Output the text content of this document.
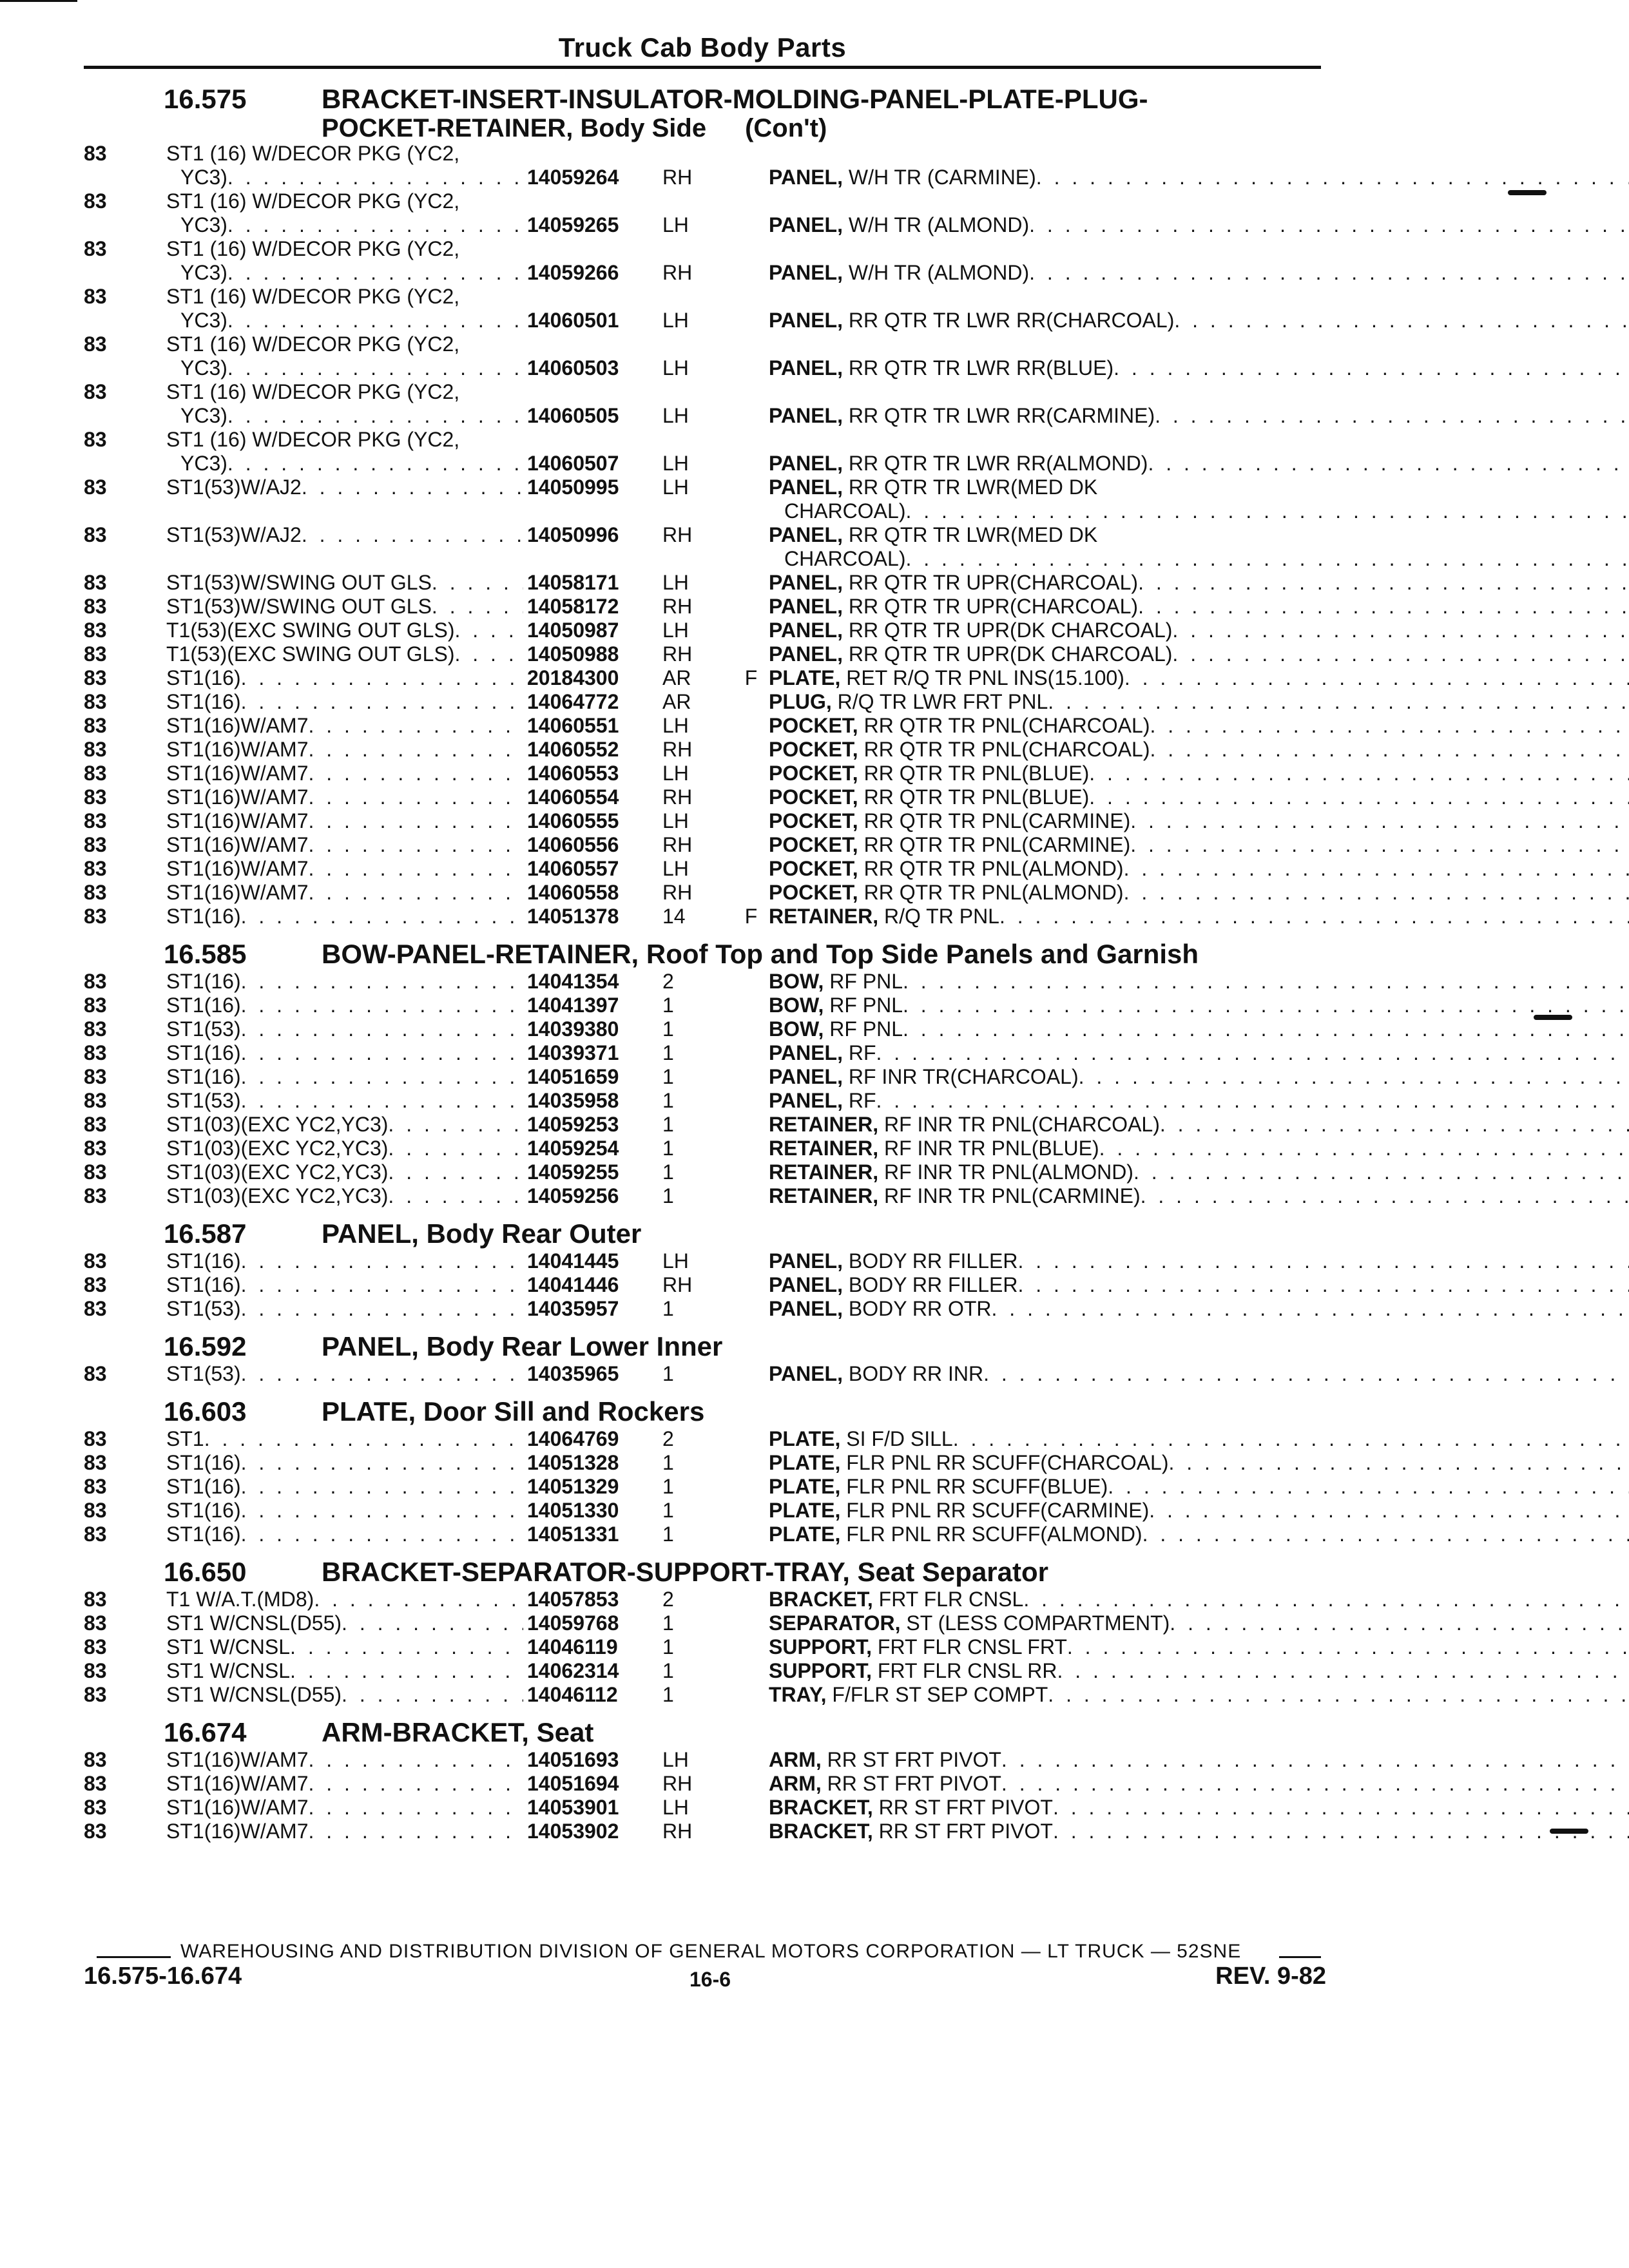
Truck Cab Body Parts
16.575	BRACKET-INSERT-INSULATOR-MOLDING-PANEL-PLATE-PLUG-
POCKET-RETAINER, Body Side (Con't)
83	ST1 (16) W/DECOR PKG (YC2,
YC3) . . .	14059264	RH	PANEL, W/H TR (CARMINE)
. . .
83	ST1 (16) W/DECOR PKG (YC2,
YC3) . . .	14059265	LH	PANEL, W/H TR (ALMOND)
. . .
83	ST1 (16) W/DECOR PKG (YC2,
YC3) . . .	14059266	RH	PANEL, W/H TR (ALMOND)
. . .
83	ST1 (16) W/DECOR PKG (YC2,
YC3) . . .	14060501	LH	PANEL, RR QTR TR LWR RR(CHARCOAL)
. . .
83	ST1 (16) W/DECOR PKG (YC2,
YC3) . . .	14060503	LH	PANEL, RR QTR TR LWR RR(BLUE)
. . .
83	ST1 (16) W/DECOR PKG (YC2,
YC3) . . .	14060505	LH	PANEL, RR QTR TR LWR RR(CARMINE)
. . .
83	ST1 (16) W/DECOR PKG (YC2,
YC3) . . .	14060507	LH	PANEL, RR QTR TR LWR RR(ALMOND)
. . .
83	ST1(53)W/AJ2 . . .	14050995	LH	PANEL, RR QTR TR LWR(MED DK
CHARCOAL)
. . .
83	ST1(53)W/AJ2 . . .	14050996	RH	PANEL, RR QTR TR LWR(MED DK
CHARCOAL)
. . .
83	ST1(53)W/SWING OUT GLS . . .	14058171	LH	PANEL, RR QTR TR UPR(CHARCOAL)
. . .
83	ST1(53)W/SWING OUT GLS . . .	14058172	RH	PANEL, RR QTR TR UPR(CHARCOAL)
. . .
83	T1(53)(EXC SWING OUT GLS) . . .	14050987	LH	PANEL, RR QTR TR UPR(DK CHARCOAL)
. . .
83	T1(53)(EXC SWING OUT GLS) . . .	14050988	RH	PANEL, RR QTR TR UPR(DK CHARCOAL)
. . .
83	ST1(16) . . .	20184300	AR	F PLATE, RET R/Q TR PNL INS(15.100)
. . .
83	ST1(16) . . .	14064772	AR	PLUG, R/Q TR LWR FRT PNL
. . .
83	ST1(16)W/AM7 . . .	14060551	LH	POCKET, RR QTR TR PNL(CHARCOAL)
. . .
83	ST1(16)W/AM7 . . .	14060552	RH	POCKET, RR QTR TR PNL(CHARCOAL)
. . .
83	ST1(16)W/AM7 . . .	14060553	LH	POCKET, RR QTR TR PNL(BLUE)
. . .
83	ST1(16)W/AM7 . . .	14060554	RH	POCKET, RR QTR TR PNL(BLUE)
. . .
83	ST1(16)W/AM7 . . .	14060555	LH	POCKET, RR QTR TR PNL(CARMINE)
. . .
83	ST1(16)W/AM7 . . .	14060556	RH	POCKET, RR QTR TR PNL(CARMINE)
. . .
83	ST1(16)W/AM7 . . .	14060557	LH	POCKET, RR QTR TR PNL(ALMOND)
. . .
83	ST1(16)W/AM7 . . .	14060558	RH	POCKET, RR QTR TR PNL(ALMOND)
. . .
83	ST1(16) . . .	14051378	14	F RETAINER, R/Q TR PNL
. . .
16.585	BOW-PANEL-RETAINER, Roof Top and Top Side Panels and Garnish
83	ST1(16) . . .	14041354	2	BOW, RF PNL
. . .
83	ST1(16) . . .	14041397	1	BOW, RF PNL
. . .
83	ST1(53) . . .	14039380	1	BOW, RF PNL
. . .
83	ST1(16) . . .	14039371	1	PANEL, RF
. . .
83	ST1(16) . . .	14051659	1	PANEL, RF INR TR(CHARCOAL)
. . .
83	ST1(53) . . .	14035958	1	PANEL, RF
. . .
83	ST1(03)(EXC YC2,YC3) . . .	14059253	1	RETAINER, RF INR TR PNL(CHARCOAL)
. . .
83	ST1(03)(EXC YC2,YC3) . . .	14059254	1	RETAINER, RF INR TR PNL(BLUE)
. . .
83	ST1(03)(EXC YC2,YC3) . . .	14059255	1	RETAINER, RF INR TR PNL(ALMOND)
. . .
83	ST1(03)(EXC YC2,YC3) . . .	14059256	1	RETAINER, RF INR TR PNL(CARMINE)
. . .
16.587	PANEL, Body Rear Outer
83	ST1(16) . . .	14041445	LH	PANEL, BODY RR FILLER
. . .
83	ST1(16) . . .	14041446	RH	PANEL, BODY RR FILLER
. . .
83	ST1(53) . . .	14035957	1	PANEL, BODY RR OTR
. . .
16.592	PANEL, Body Rear Lower Inner
83	ST1(53) . . .	14035965	1	PANEL, BODY RR INR
. . .
16.603	PLATE, Door Sill and Rockers
83	ST1 . . .	14064769	2	PLATE, SI F/D SILL
. . .
83	ST1(16) . . .	14051328	1	PLATE, FLR PNL RR SCUFF(CHARCOAL)
. . .
83	ST1(16) . . .	14051329	1	PLATE, FLR PNL RR SCUFF(BLUE)
. . .
83	ST1(16) . . .	14051330	1	PLATE, FLR PNL RR SCUFF(CARMINE)
. . .
83	ST1(16) . . .	14051331	1	PLATE, FLR PNL RR SCUFF(ALMOND)
. . .
16.650	BRACKET-SEPARATOR-SUPPORT-TRAY, Seat Separator
83	T1 W/A.T.(MD8) . . .	14057853	2	BRACKET, FRT FLR CNSL
. . .
83	ST1 W/CNSL(D55) . . .	14059768	1	SEPARATOR, ST (LESS COMPARTMENT)
. . .
83	ST1 W/CNSL . . .	14046119	1	SUPPORT, FRT FLR CNSL FRT
. . .
83	ST1 W/CNSL . . .	14062314	1	SUPPORT, FRT FLR CNSL RR
. . .
83	ST1 W/CNSL(D55) . . .	14046112	1	TRAY, F/FLR ST SEP COMPT
. . .
16.674	ARM-BRACKET, Seat
83	ST1(16)W/AM7 . . .	14051693	LH	ARM, RR ST FRT PIVOT
. . .
83	ST1(16)W/AM7 . . .	14051694	RH	ARM, RR ST FRT PIVOT
. . .
83	ST1(16)W/AM7 . . .	14053901	LH	BRACKET, RR ST FRT PIVOT
. . .
83	ST1(16)W/AM7 . . .	14053902	RH	BRACKET, RR ST FRT PIVOT
. . .
WAREHOUSING AND DISTRIBUTION DIVISION OF GENERAL MOTORS CORPORATION — LT TRUCK — 52SNE
16.575-16.674	16-6	REV. 9-82
